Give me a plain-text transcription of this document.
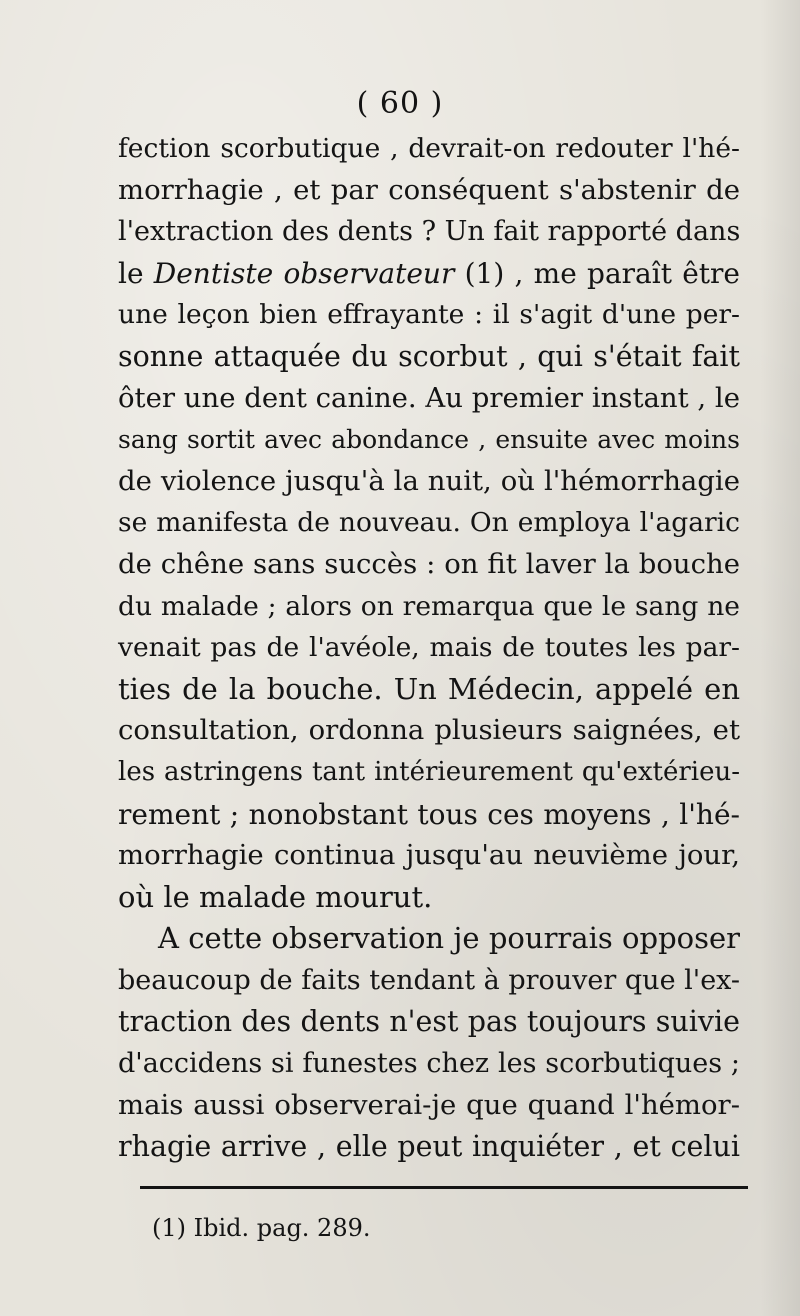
( 60 )
fection scorbutique , devrait-on redouter l'hé-
morrhagie , et par conséquent s'abstenir de
l'extraction des dents ? Un fait rapporté dans
le Dentiste observateur (1) , me paraît être
une leçon bien effrayante : il s'agit d'une per-
sonne attaquée du scorbut , qui s'était fait
ôter une dent canine. Au premier instant , le
sang sortit avec abondance , ensuite avec moins
de violence jusqu'à la nuit, où l'hémorrhagie
se manifesta de nouveau. On employa l'agaric
de chêne sans succès : on fit laver la bouche
du malade ; alors on remarqua que le sang ne
venait pas de l'avéole, mais de toutes les par-
ties de la bouche. Un Médecin, appelé en
consultation, ordonna plusieurs saignées, et
les astringens tant intérieurement qu'extérieu-
rement ; nonobstant tous ces moyens , l'hé-
morrhagie continua jusqu'au neuvième jour,
où le malade mourut.
A cette observation je pourrais opposer
beaucoup de faits tendant à prouver que l'ex-
traction des dents n'est pas toujours suivie
d'accidens si funestes chez les scorbutiques ;
mais aussi observerai-je que quand l'hémor-
rhagie arrive , elle peut inquiéter , et celui
(1) Ibid. pag. 289.
